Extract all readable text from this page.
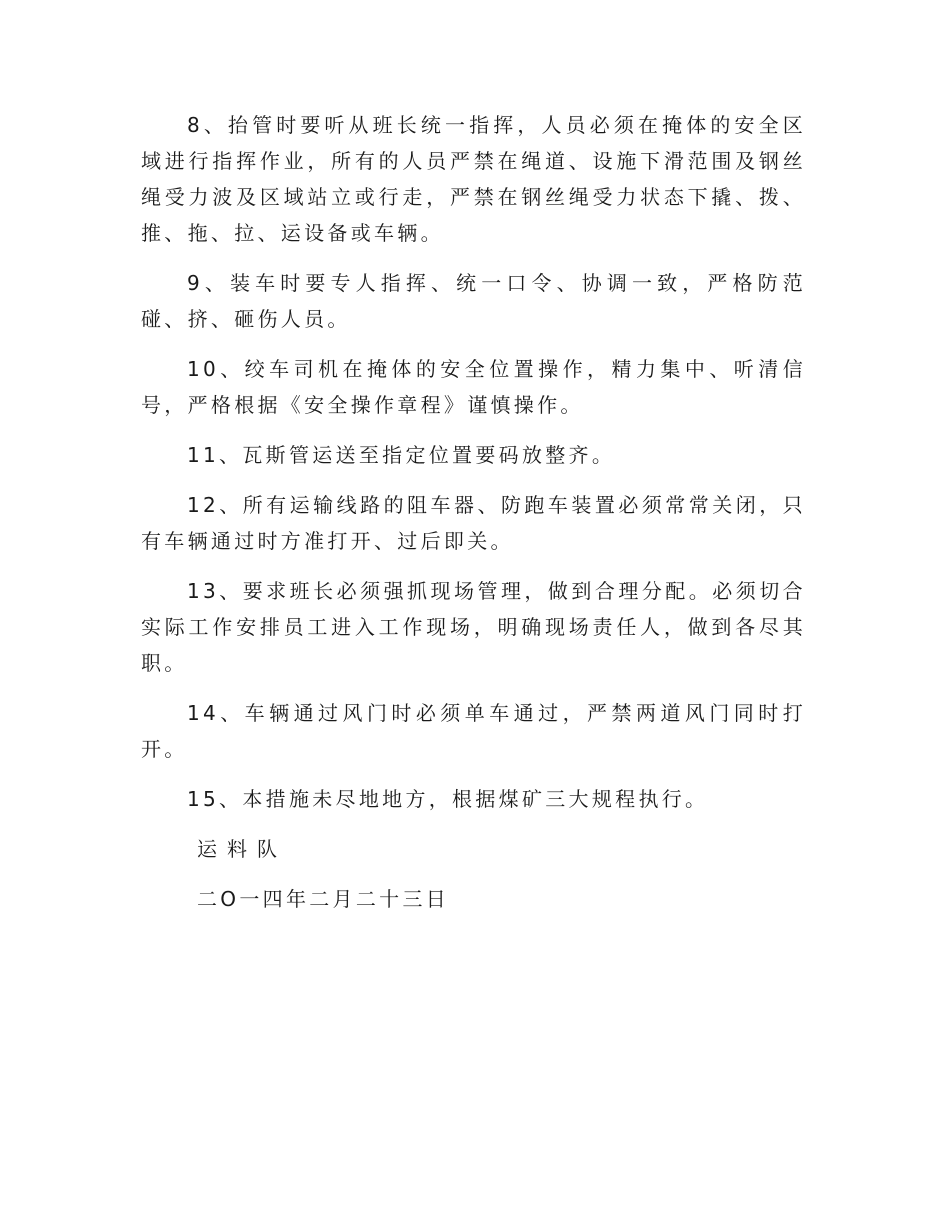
8、抬管时要听从班长统一指挥，人员必须在掩体的安全区域进行指挥作业，所有的人员严禁在绳道、设施下滑范围及钢丝绳受力波及区域站立或行走，严禁在钢丝绳受力状态下撬、拨、推、拖、拉、运设备或车辆。

9、装车时要专人指挥、统一口令、协调一致，严格防范碰、挤、砸伤人员。

10、绞车司机在掩体的安全位置操作，精力集中、听清信号，严格根据《安全操作章程》谨慎操作。

11、瓦斯管运送至指定位置要码放整齐。

12、所有运输线路的阻车器、防跑车装置必须常常关闭，只有车辆通过时方准打开、过后即关。

13、要求班长必须强抓现场管理，做到合理分配。必须切合实际工作安排员工进入工作现场，明确现场责任人，做到各尽其职。

14、车辆通过风门时必须单车通过，严禁两道风门同时打开。

15、本措施未尽地地方，根据煤矿三大规程执行。

运料队

二O一四年二月二十三日
